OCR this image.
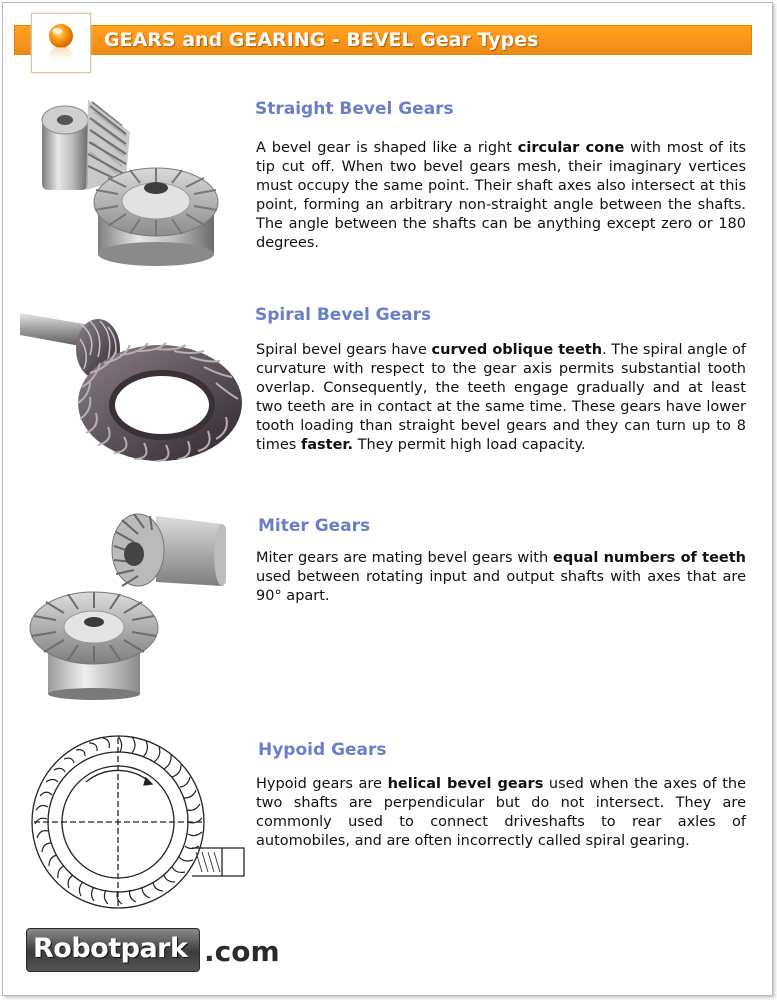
GEARS and GEARING - BEVEL Gear Types
Straight Bevel Gears

A bevel gear is shaped like a right circular cone with most of its tip cut off. When two bevel gears mesh, their imaginary vertices must occupy the same point. Their shaft axes also intersect at this point, forming an arbitrary non-straight angle between the shafts. The angle between the shafts can be anything except zero or 180 degrees.

Spiral Bevel Gears

Spiral bevel gears have curved oblique teeth. The spiral angle of curvature with respect to the gear axis permits substantial tooth overlap. Consequently, the teeth engage gradually and at least two teeth are in contact at the same time. These gears have lower tooth loading than straight bevel gears and they can turn up to 8 times faster. They permit high load capacity.

Miter Gears

Miter gears are mating bevel gears with equal numbers of teeth used between rotating input and output shafts with axes that are 90° apart.

Hypoid Gears

Hypoid gears are helical bevel gears used when the axes of the two shafts are perpendicular but do not intersect. They are commonly used to connect driveshafts to rear axles of automobiles, and are often incorrectly called spiral gearing.

Robotpark .com
